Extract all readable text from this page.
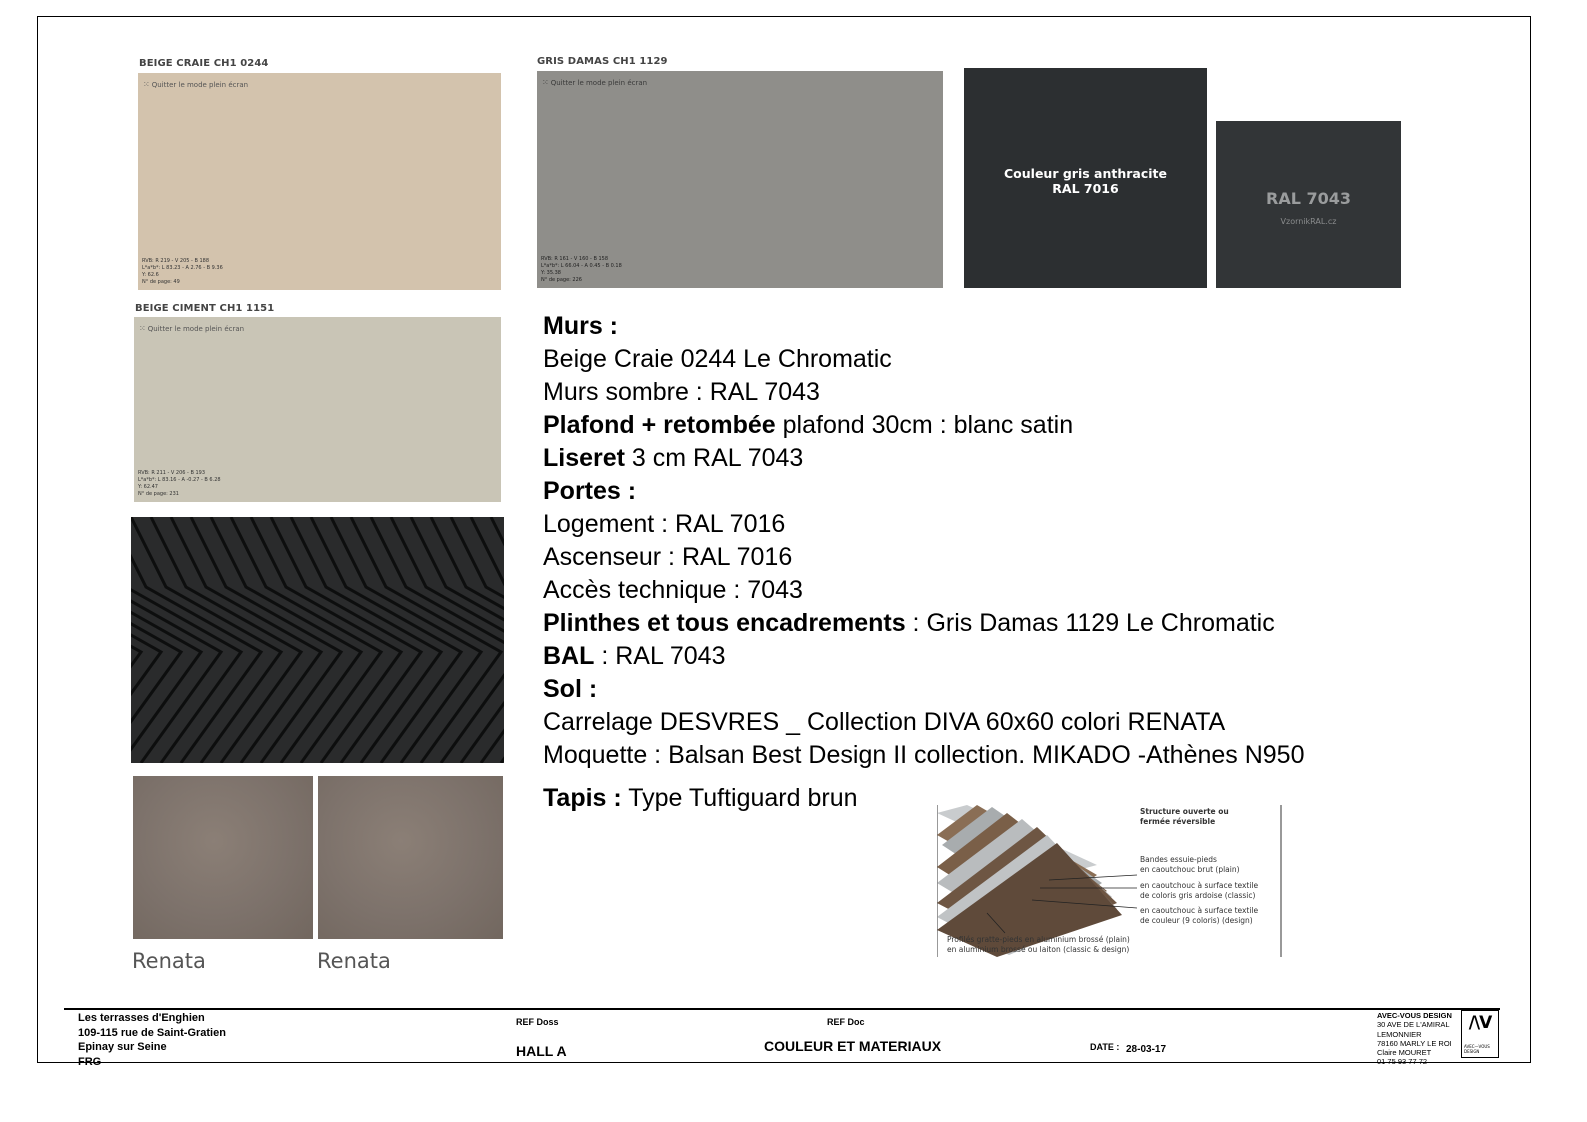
BEIGE CRAIE CH1 0244
⁙ Quitter le mode plein écran
RVB: R 219 - V 205 - B 188
L*a*b*: L 83.23 - A 2.76 - B 9.36
Y: 62.6
N° de page: 49
GRIS DAMAS CH1 1129
⁙ Quitter le mode plein écran
RVB: R 161 - V 160 - B 158
L*a*b*: L 66.04 - A 0.45 - B 0.18
Y: 35.38
N° de page: 226
Couleur gris anthracite
RAL 7016
RAL 7043
VzornikRAL.cz
BEIGE CIMENT CH1 1151
⁙ Quitter le mode plein écran
RVB: R 211 - V 206 - B 193
L*a*b*: L 83.16 - A -0.27 - B 6.28
Y: 62.47
N° de page: 231
Renata	Renata
Murs :
Beige Craie 0244 Le Chromatic
Murs sombre : RAL 7043
Plafond + retombée plafond 30cm : blanc satin
Liseret 3 cm RAL 7043
Portes :
Logement : RAL 7016
Ascenseur : RAL 7016
Accès technique : 7043
Plinthes et tous encadrements : Gris Damas 1129 Le Chromatic
BAL : RAL 7043
Sol :
Carrelage DESVRES _ Collection DIVA 60x60 colori RENATA
Moquette : Balsan Best Design II collection. MIKADO -Athènes N950
Tapis : Type Tuftiguard brun	Structure ouverte ou
fermée réversible
Bandes essuie-pieds
en caoutchouc brut (plain)
en caoutchouc à surface textile
de coloris gris ardoise (classic)
en caoutchouc à surface textile
de couleur (9 coloris) (design)
Profilés gratte-pieds en aluminium brossé (plain)
en aluminium brossé ou laiton (classic & design)
Les terrasses d'Enghien
109-115 rue de Saint-Gratien
Epinay sur Seine
FRG
REF Doss
HALL A
REF Doc
COULEUR ET MATERIAUX	DATE : 28-03-17
AVEC-VOUS DESIGN
30 AVE DE L'AMIRAL
LEMONNIER
78160 MARLY LE ROI
Claire MOURET
01 75 93 77 72
/\V
AVEC—VOUS DESIGN
